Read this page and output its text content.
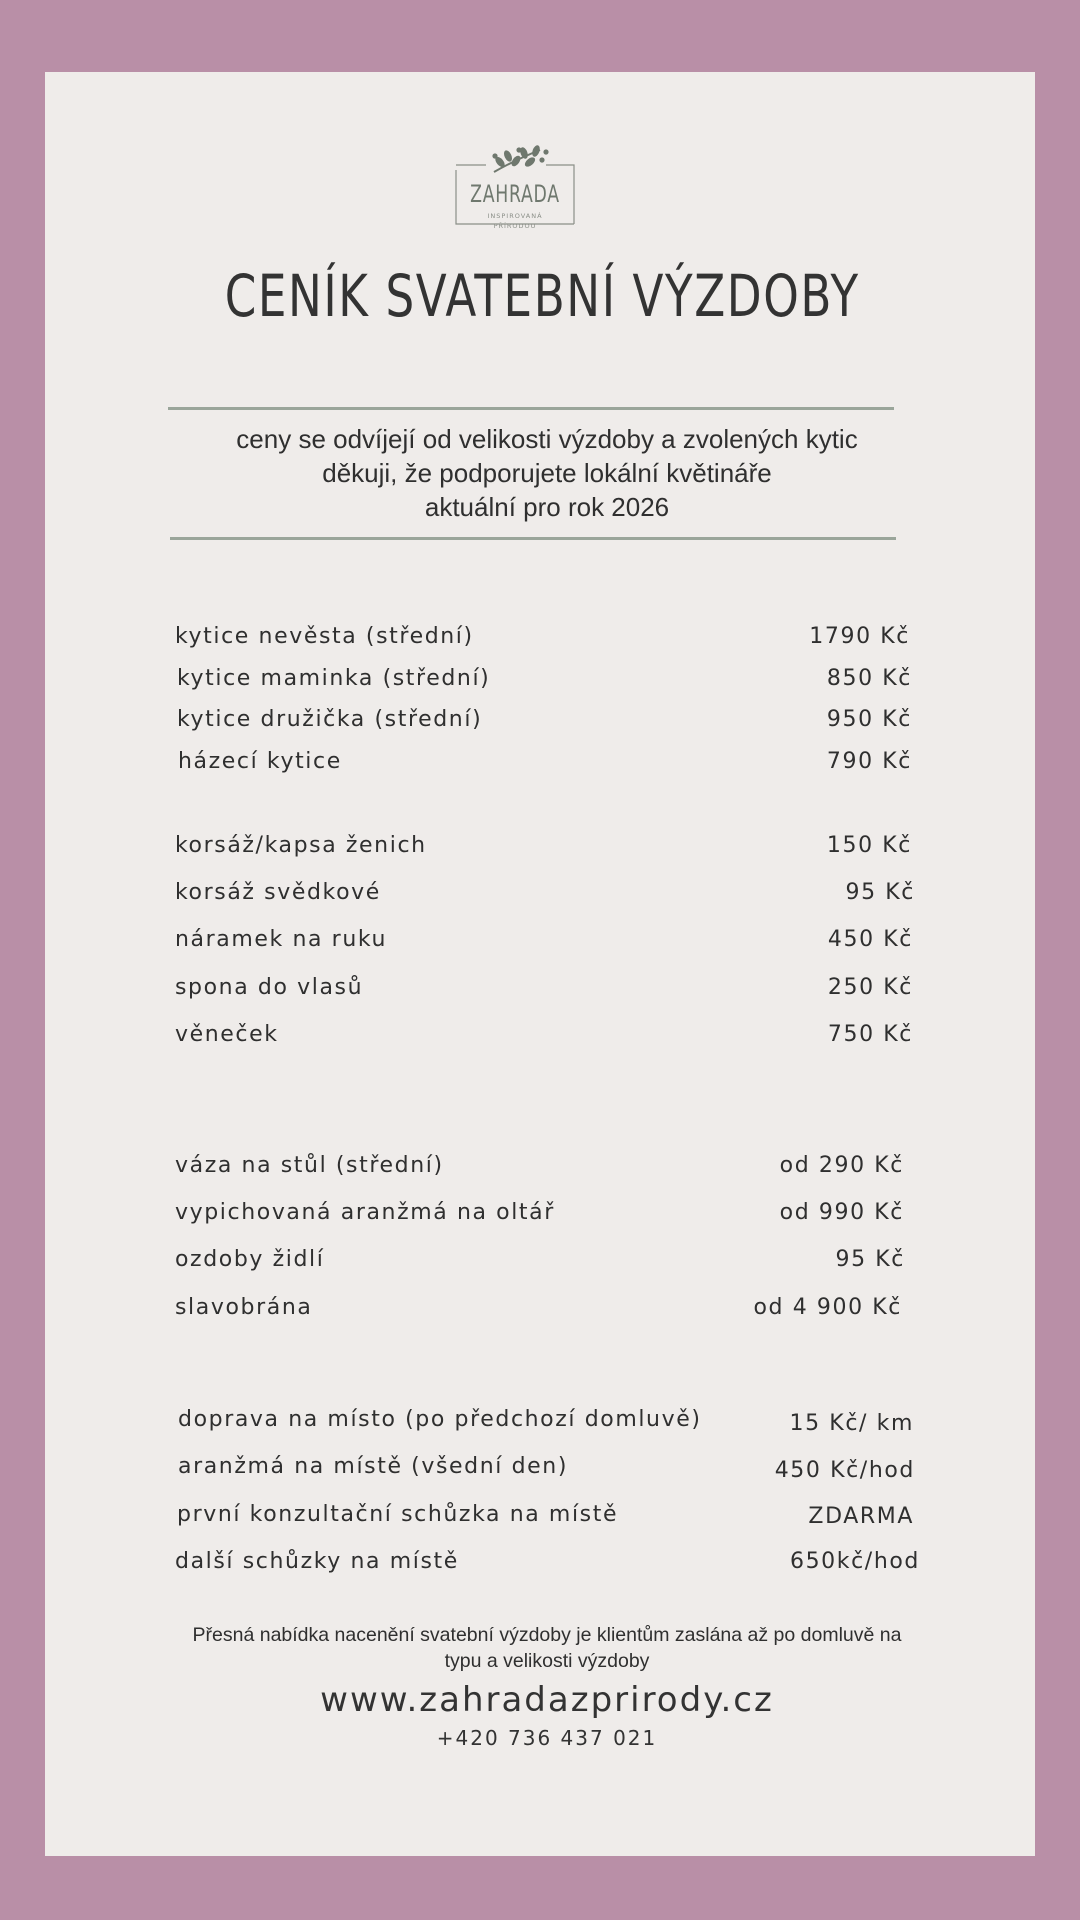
ZAHRADA
INSPIROVANÁ
PŘÍRODOU
CENÍK SVATEBNÍ VÝZDOBY
ceny se odvíjejí od velikosti výzdoby a zvolených kytic
děkuji, že podporujete lokální květináře
aktuální pro rok 2026
kytice nevěsta (střední)	1790 Kč
kytice maminka (střední)	850 Kč
kytice družička (střední)	950 Kč
házecí kytice	790 Kč
korsáž/kapsa ženich	150 Kč
korsáž svědkové	95 Kč
náramek na ruku	450 Kč
spona do vlasů	250 Kč
věneček	750 Kč
váza na stůl (střední)	od 290 Kč
vypichovaná aranžmá na oltář	od 990 Kč
ozdoby židlí	95 Kč
slavobrána	od 4 900 Kč
doprava na místo (po předchozí domluvě)	15 Kč/ km
aranžmá na místě (všední den)	450 Kč/hod
první konzultační schůzka na místě	ZDARMA
další schůzky na místě	650kč/hod
Přesná nabídka nacenění svatební výzdoby je klientům zaslána až po domluvě na
typu a velikosti výzdoby
www.zahradazprirody.cz
+420 736 437 021
